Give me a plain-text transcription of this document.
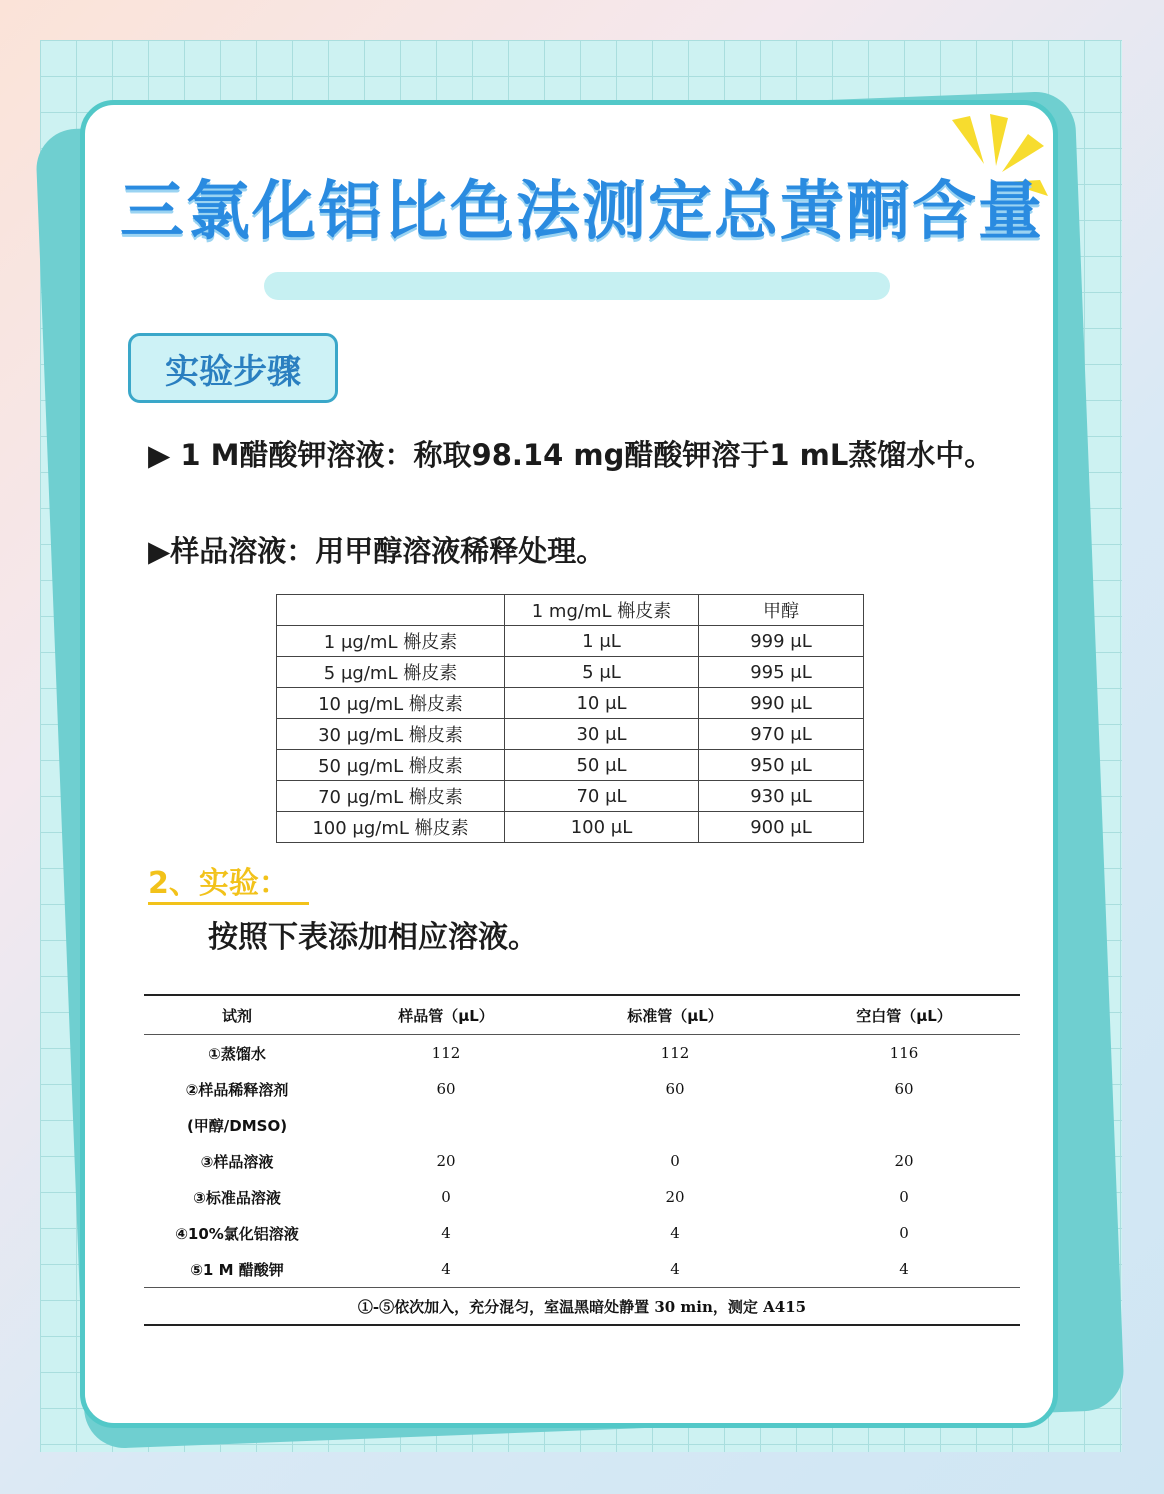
三氯化铝比色法测定总黄酮含量
实验步骤
▶ 1 M醋酸钾溶液：称取98.14 mg醋酸钾溶于1 mL蒸馏水中。
▶样品溶液：用甲醇溶液稀释处理。
	1 mg/mL 槲皮素	甲醇
1 μg/mL 槲皮素	1 μL	999 μL
5 μg/mL 槲皮素	5 μL	995 μL
10 μg/mL 槲皮素	10 μL	990 μL
30 μg/mL 槲皮素	30 μL	970 μL
50 μg/mL 槲皮素	50 μL	950 μL
70 μg/mL 槲皮素	70 μL	930 μL
100 μg/mL 槲皮素	100 μL	900 μL
2、实验：
按照下表添加相应溶液。
试剂	样品管（μL）	标准管（μL）	空白管（μL）
①蒸馏水	112	112	116
②样品稀释溶剂	60	60	60
(甲醇/DMSO)
③样品溶液	20	0	20
③标准品溶液	0	20	0
④10%氯化铝溶液	4	4	0
⑤1 M 醋酸钾	4	4	4
①-⑤依次加入，充分混匀，室温黑暗处静置 30 min，测定 A415
